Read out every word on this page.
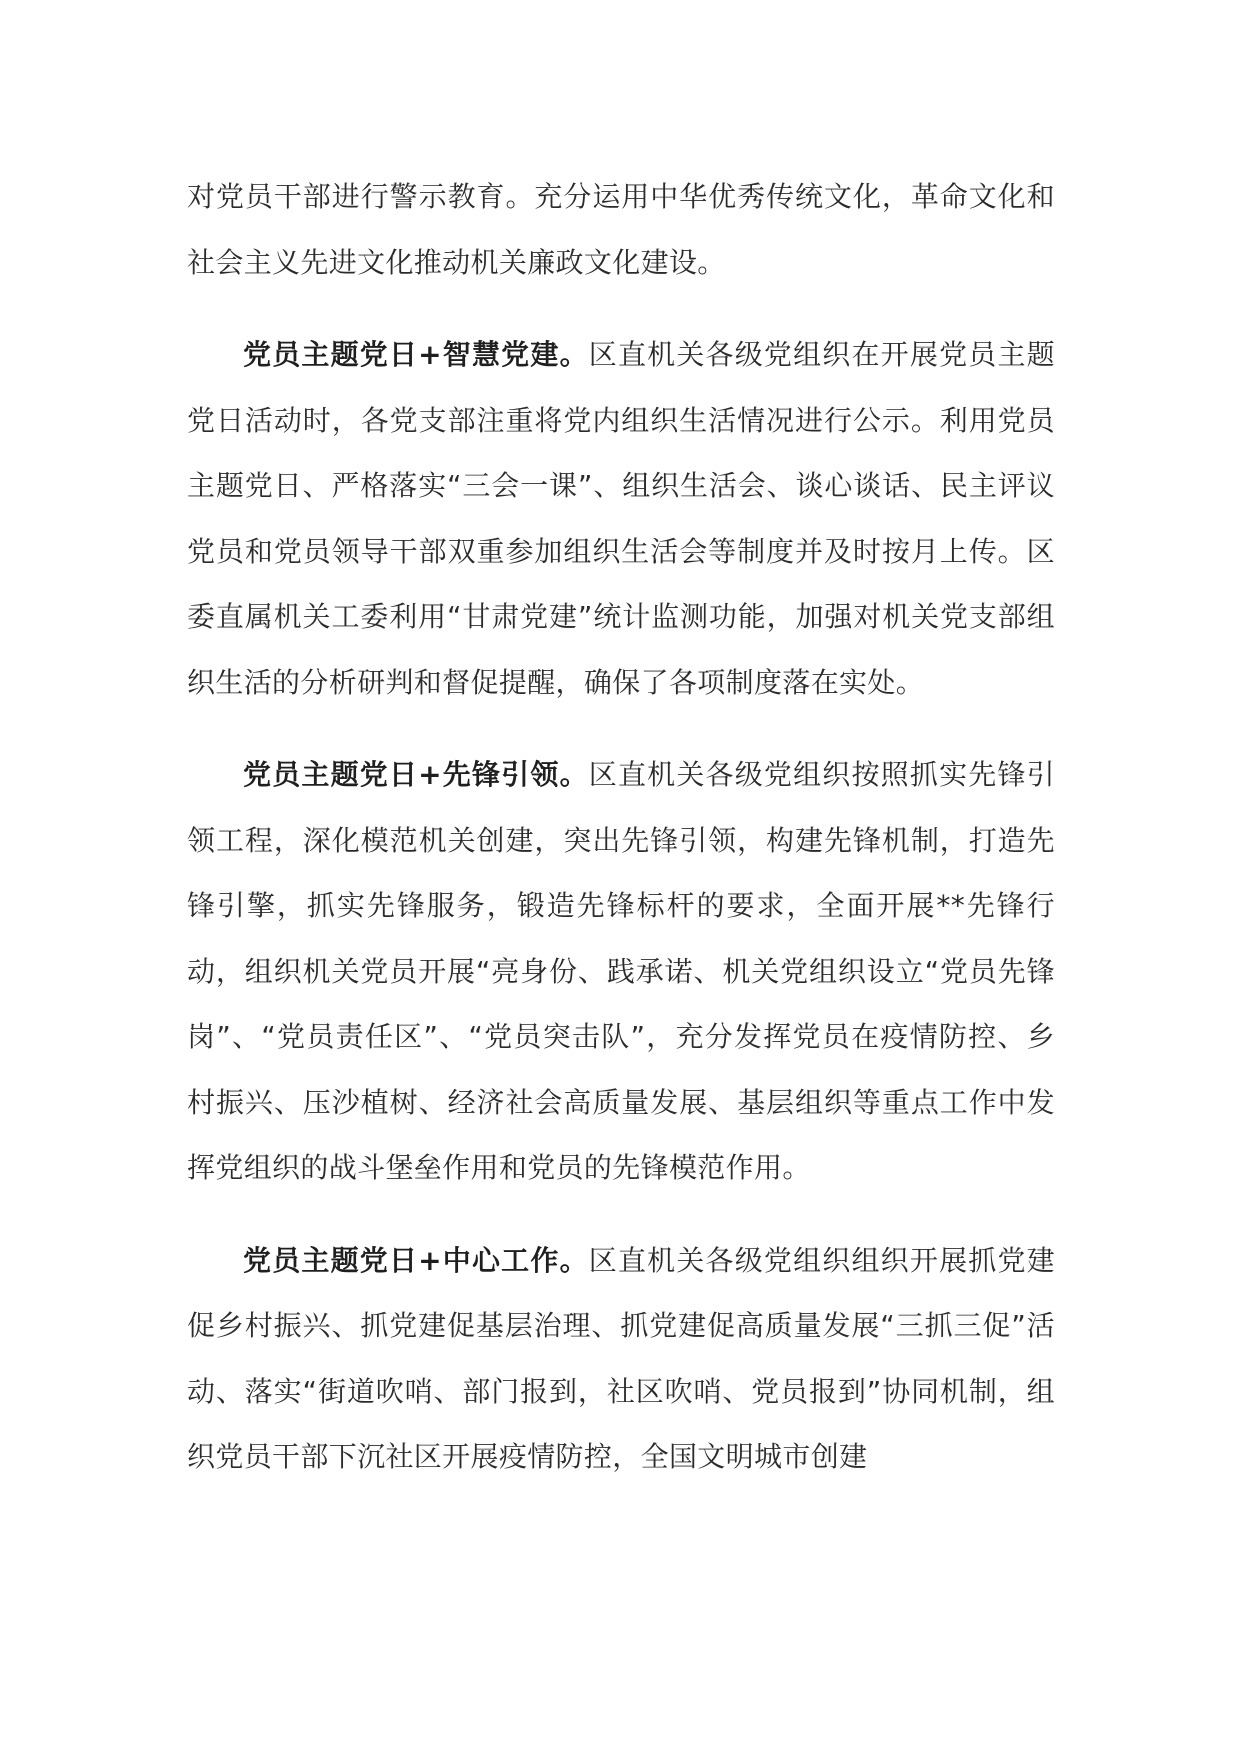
对党员干部进行警示教育。充分运用中华优秀传统文化，革命文化和社会主义先进文化推动机关廉政文化建设。

党员主题党日+智慧党建。区直机关各级党组织在开展党员主题党日活动时，各党支部注重将党内组织生活情况进行公示。利用党员主题党日、严格落实“三会一课”、组织生活会、谈心谈话、民主评议党员和党员领导干部双重参加组织生活会等制度并及时按月上传。区委直属机关工委利用“甘肃党建”统计监测功能，加强对机关党支部组织生活的分析研判和督促提醒，确保了各项制度落在实处。

党员主题党日+先锋引领。区直机关各级党组织按照抓实先锋引领工程，深化模范机关创建，突出先锋引领，构建先锋机制，打造先锋引擎，抓实先锋服务，锻造先锋标杆的要求，全面开展**先锋行动，组织机关党员开展“亮身份、践承诺、机关党组织设立“党员先锋岗”、“党员责任区”、“党员突击队”，充分发挥党员在疫情防控、乡村振兴、压沙植树、经济社会高质量发展、基层组织等重点工作中发挥党组织的战斗堡垒作用和党员的先锋模范作用。

党员主题党日+中心工作。区直机关各级党组织组织开展抓党建促乡村振兴、抓党建促基层治理、抓党建促高质量发展“三抓三促”活动、落实“街道吹哨、部门报到，社区吹哨、党员报到”协同机制，组织党员干部下沉社区开展疫情防控，全国文明城市创建
